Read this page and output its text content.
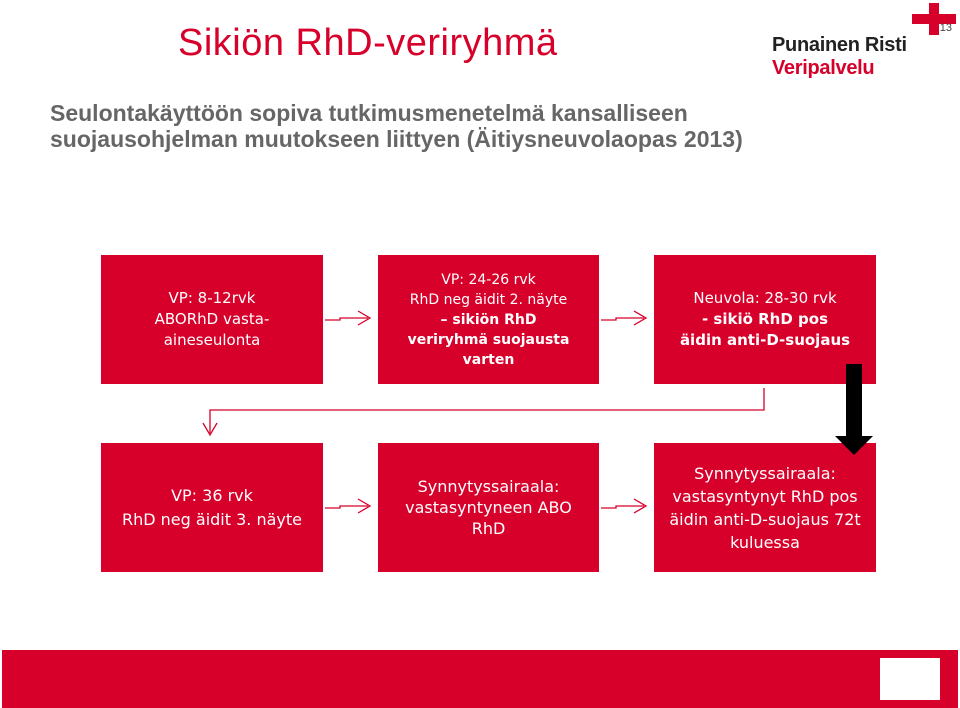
Sikiön RhD-veriryhmä
Seulontakäyttöön sopiva tutkimusmenetelmä kansalliseen
suojausohjelman muutokseen liittyen (Äitiysneuvolaopas 2013)
Punainen Risti
Veripalvelu
VP: 8-12rvk
ABORhD vasta-
aineseulonta
VP: 24-26 rvk
RhD neg äidit 2. näyte
– sikiön RhD
veriryhmä suojausta
varten
Neuvola: 28-30 rvk
- sikiö RhD pos
äidin anti-D-suojaus
VP: 36 rvk
RhD neg äidit 3. näyte
Synnytyssairaala:
vastasyntyneen ABO
RhD
Synnytyssairaala:
vastasyntynyt RhD pos
äidin anti-D-suojaus 72t
kuluessa
13
